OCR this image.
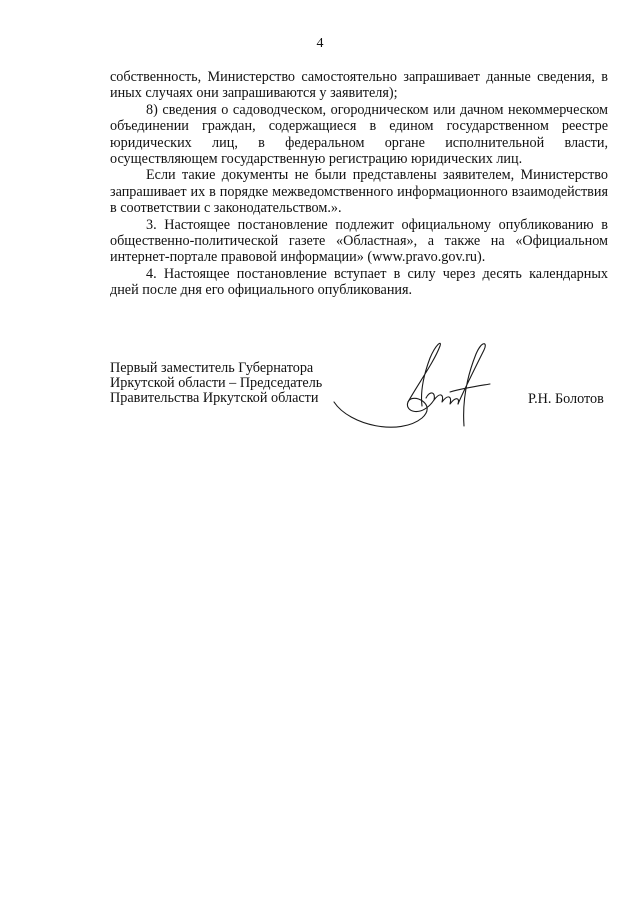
4

собственность, Министерство самостоятельно запрашивает данные сведения, в иных случаях они запрашиваются у заявителя);

8) сведения о садоводческом, огородническом или дачном некоммерческом объединении граждан, содержащиеся в едином государственном реестре юридических лиц, в федеральном органе исполнительной власти, осуществляющем государственную регистрацию юридических лиц.

Если такие документы не были представлены заявителем, Министерство запрашивает их в порядке межведомственного информационного взаимодействия в соответствии с законодательством.».

3. Настоящее постановление подлежит официальному опубликованию в общественно-политической газете «Областная», а также на «Официальном интернет-портале правовой информации» (www.pravo.gov.ru).

4. Настоящее постановление вступает в силу через десять календарных дней после дня его официального опубликования.

Первый заместитель Губернатора
Иркутской области – Председатель
Правительства Иркутской области	Р.Н. Болотов
